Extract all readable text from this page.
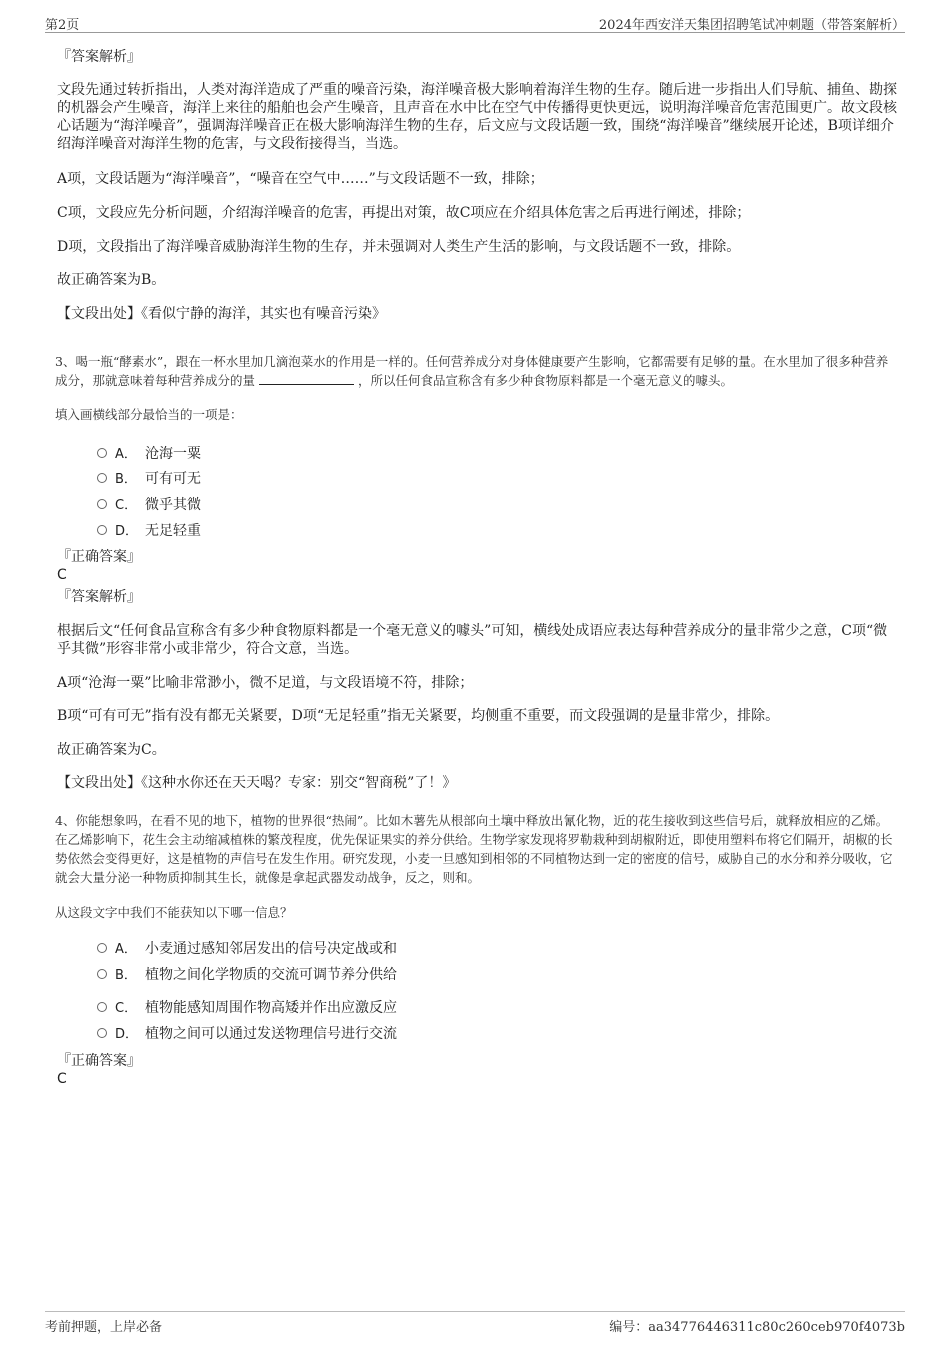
第2页	2024年西安洋天集团招聘笔试冲刺题（带答案解析）
『答案解析』
文段先通过转折指出，人类对海洋造成了严重的噪音污染，海洋噪音极大影响着海洋生物的生存。随后进一步指出人们导航、捕鱼、勘探的机器会产生噪音，海洋上来往的船舶也会产生噪音，且声音在水中比在空气中传播得更快更远，说明海洋噪音危害范围更广。故文段核心话题为“海洋噪音”，强调海洋噪音正在极大影响海洋生物的生存，后文应与文段话题一致，围绕“海洋噪音”继续展开论述，B项详细介绍海洋噪音对海洋生物的危害，与文段衔接得当，当选。
A项，文段话题为“海洋噪音”，“噪音在空气中……”与文段话题不一致，排除；
C项，文段应先分析问题，介绍海洋噪音的危害，再提出对策，故C项应在介绍具体危害之后再进行阐述，排除；
D项，文段指出了海洋噪音威胁海洋生物的生存，并未强调对人类生产生活的影响，与文段话题不一致，排除。
故正确答案为B。
【文段出处】《看似宁静的海洋，其实也有噪音污染》
3、喝一瓶“酵素水”，跟在一杯水里加几滴泡菜水的作用是一样的。任何营养成分对身体健康要产生影响，它都需要有足够的量。在水里加了很多种营养成分，那就意味着每种营养成分的量	，所以任何食品宣称含有多少种食物原料都是一个毫无意义的噱头。
填入画横线部分最恰当的一项是：
A． 沧海一粟
B． 可有可无
C． 微乎其微
D． 无足轻重
『正确答案』
C
『答案解析』
根据后文“任何食品宣称含有多少种食物原料都是一个毫无意义的噱头”可知，横线处成语应表达每种营养成分的量非常少之意，C项“微乎其微”形容非常小或非常少，符合文意，当选。
A项“沧海一粟”比喻非常渺小，微不足道，与文段语境不符，排除；
B项“可有可无”指有没有都无关紧要，D项“无足轻重”指无关紧要，均侧重不重要，而文段强调的是量非常少，排除。
故正确答案为C。
【文段出处】《这种水你还在天天喝？专家：别交“智商税”了！》
4、你能想象吗，在看不见的地下，植物的世界很“热闹”。比如木薯先从根部向土壤中释放出氰化物，近的花生接收到这些信号后，就释放相应的乙烯。在乙烯影响下，花生会主动缩减植株的繁茂程度，优先保证果实的养分供给。生物学家发现将罗勒栽种到胡椒附近，即使用塑料布将它们隔开，胡椒的长势依然会变得更好，这是植物的声信号在发生作用。研究发现，小麦一旦感知到相邻的不同植物达到一定的密度的信号，威胁自己的水分和养分吸收，它就会大量分泌一种物质抑制其生长，就像是拿起武器发动战争，反之，则和。
从这段文字中我们不能获知以下哪一信息？
A． 小麦通过感知邻居发出的信号决定战或和
B． 植物之间化学物质的交流可调节养分供给
C． 植物能感知周围作物高矮并作出应激反应
D． 植物之间可以通过发送物理信号进行交流
『正确答案』
C
考前押题，上岸必备	编号：aa34776446311c80c260ceb970f4073b
